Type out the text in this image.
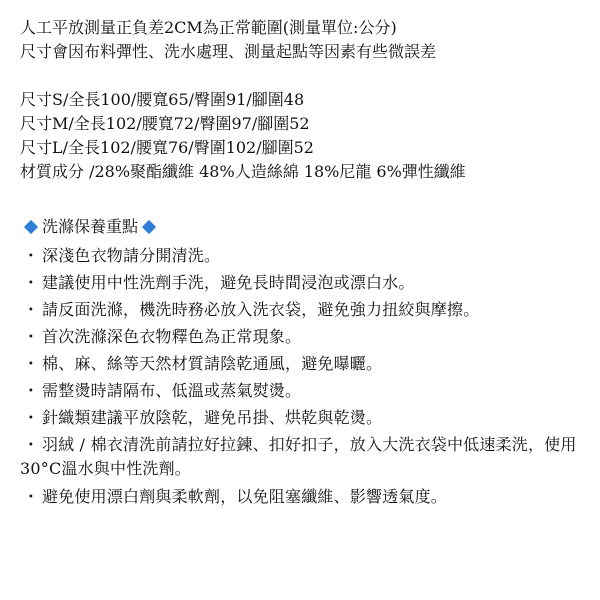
人工平放測量正負差2CM為正常範圍(測量單位:公分)
尺寸會因布料彈性、洗水處理、測量起點等因素有些微誤差
尺寸S/全長100/腰寬65/臀圍91/腳圍48
尺寸M/全長102/腰寬72/臀圍97/腳圍52
尺寸L/全長102/腰寬76/臀圍102/腳圍52
材質成分 /28%聚酯纖維 48%人造絲綿 18%尼龍 6%彈性纖維
洗滌保養重點
・ 深淺色衣物請分開清洗。
・ 建議使用中性洗劑手洗，避免長時間浸泡或漂白水。
・ 請反面洗滌，機洗時務必放入洗衣袋，避免強力扭絞與摩擦。
・ 首次洗滌深色衣物釋色為正常現象。
・ 棉、麻、絲等天然材質請陰乾通風，避免曝曬。
・ 需整燙時請隔布、低溫或蒸氣熨燙。
・ 針織類建議平放陰乾，避免吊掛、烘乾與乾燙。
・ 羽絨 / 棉衣清洗前請拉好拉鍊、扣好扣子，放入大洗衣袋中低速柔洗，使用30°C溫水與中性洗劑。
・ 避免使用漂白劑與柔軟劑，以免阻塞纖維、影響透氣度。
